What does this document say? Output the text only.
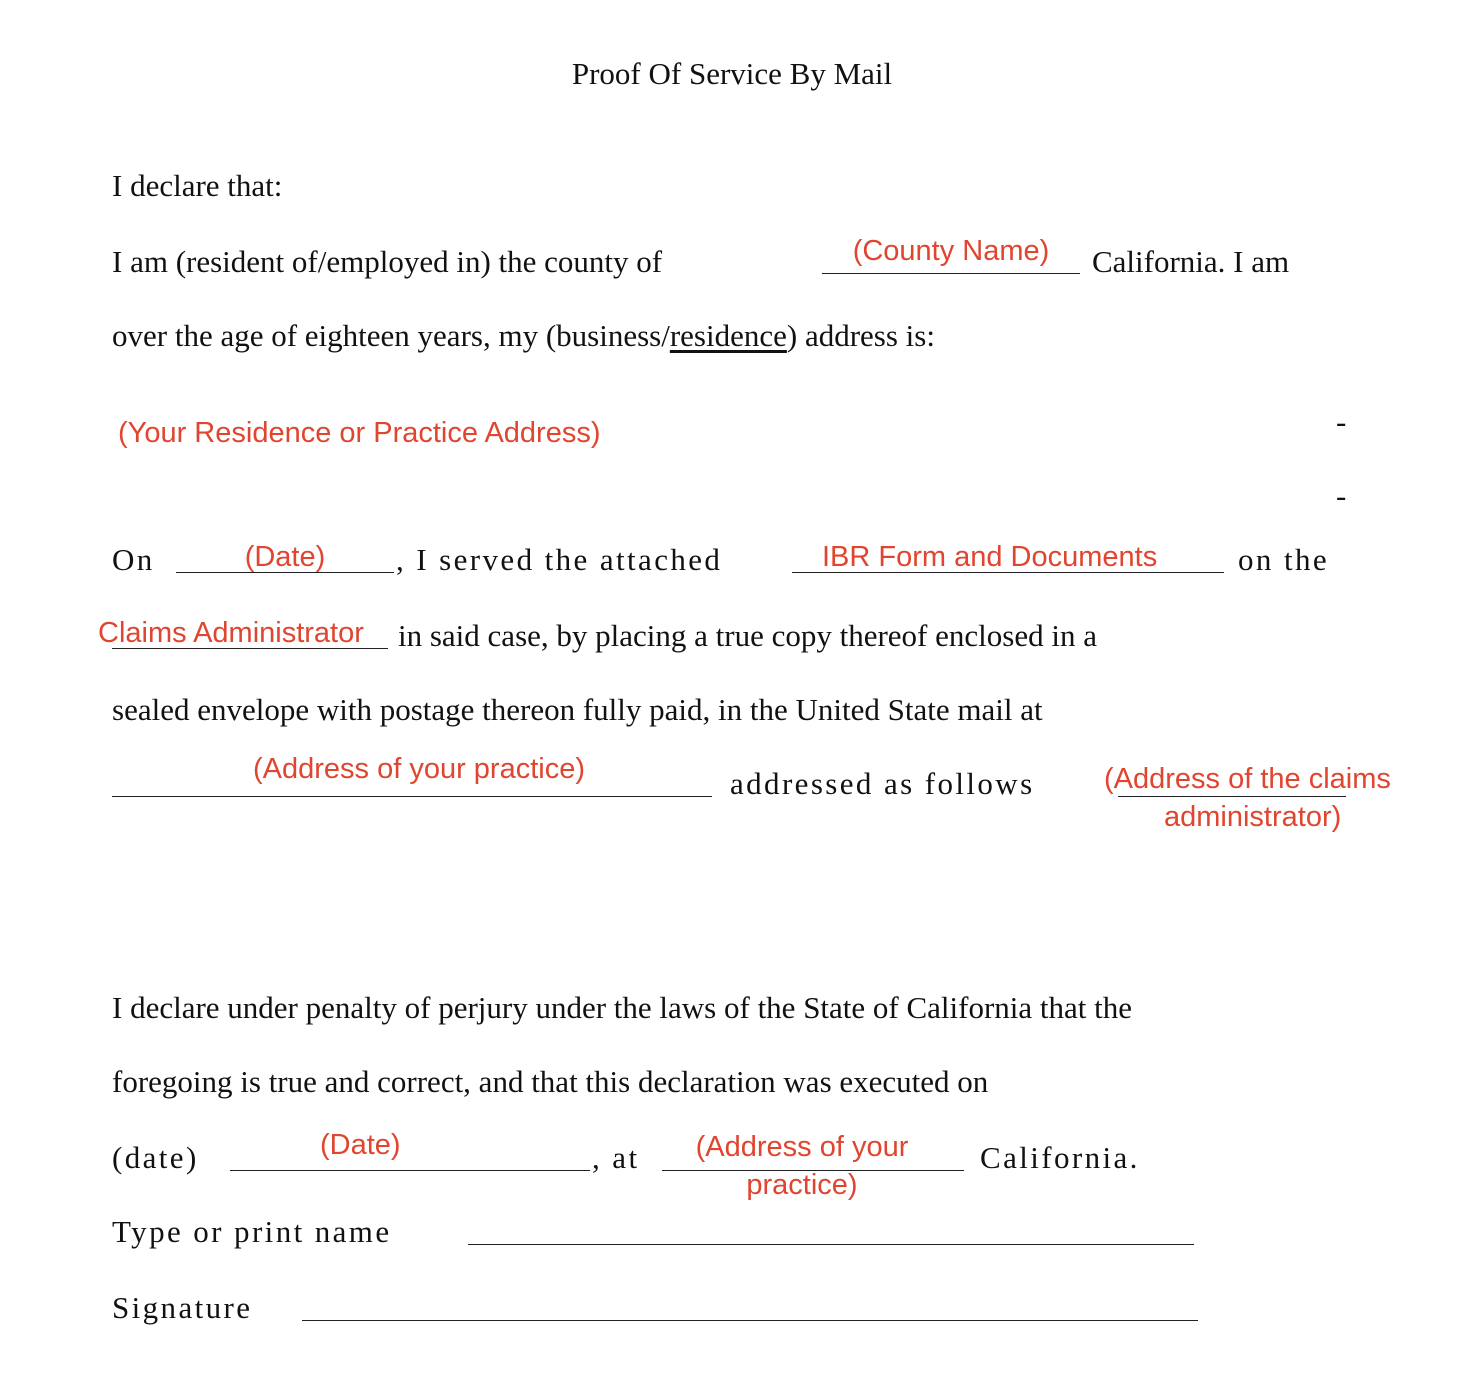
Proof Of Service By Mail
I declare that:
I am (resident of/employed in) the county of	(County Name)	California. I am
over the age of eighteen years, my (business/residence) address is:
(Your Residence or Practice Address)	-
-
On	(Date)	, I served the attached	IBR Form and Documents	on the
Claims Administrator in said case, by placing a true copy thereof enclosed in a
sealed envelope with postage thereon fully paid, in the United State mail at
(Address of your practice)	addressed as follows (Address of the claims
administrator)
I declare under penalty of perjury under the laws of the State of California that the
foregoing is true and correct, and that this declaration was executed on
(date)	(Date)	, at	(Address of your
practice)
California.
Type or print name
Signature
